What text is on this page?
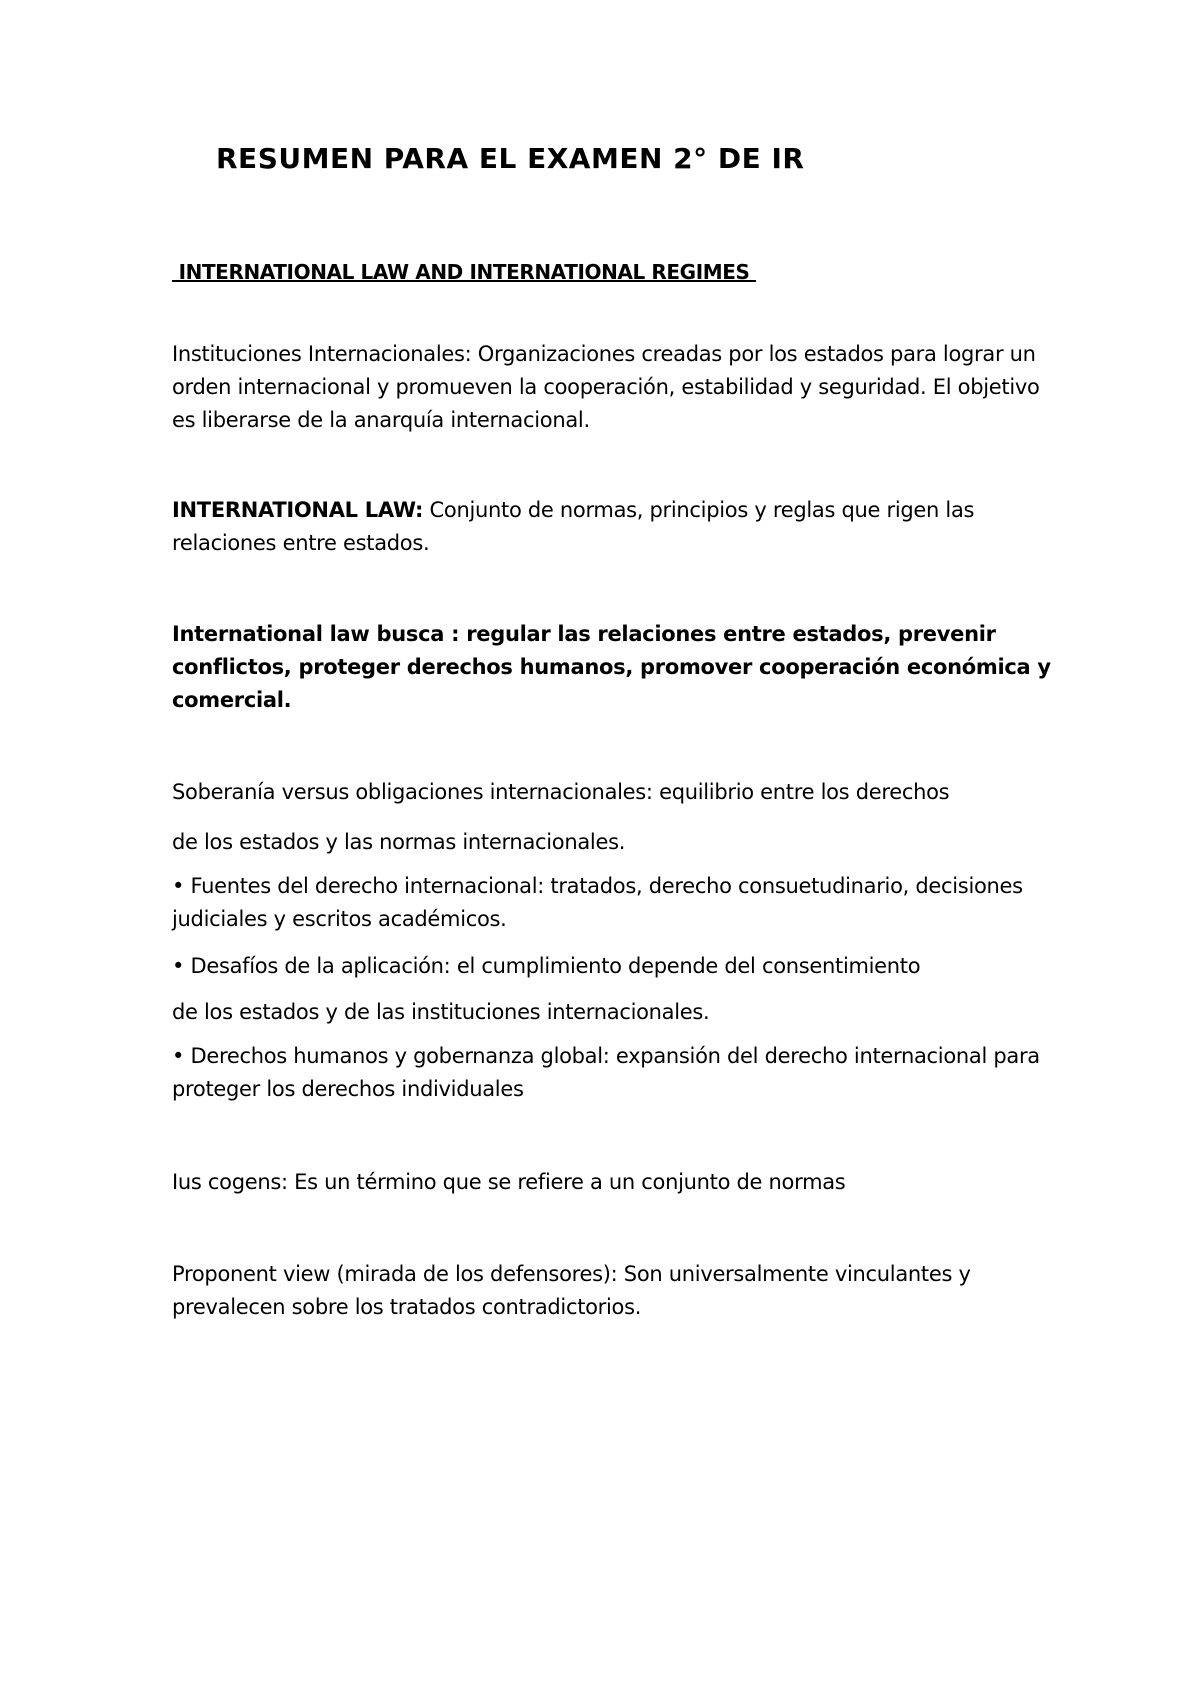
RESUMEN PARA EL EXAMEN 2° DE IR
INTERNATIONAL LAW AND INTERNATIONAL REGIMES
Instituciones Internacionales: Organizaciones creadas por los estados para lograr un orden internacional y promueven la cooperación, estabilidad y seguridad. El objetivo es liberarse de la anarquía internacional.
INTERNATIONAL LAW: Conjunto de normas, principios y reglas que rigen las relaciones entre estados.
International law busca : regular las relaciones entre estados, prevenir conflictos, proteger derechos humanos, promover cooperación económica y comercial.
Soberanía versus obligaciones internacionales: equilibrio entre los derechos
de los estados y las normas internacionales.
• Fuentes del derecho internacional: tratados, derecho consuetudinario, decisiones judiciales y escritos académicos.
• Desafíos de la aplicación: el cumplimiento depende del consentimiento
de los estados y de las instituciones internacionales.
• Derechos humanos y gobernanza global: expansión del derecho internacional para proteger los derechos individuales
Ius cogens: Es un término que se refiere a un conjunto de normas
Proponent view (mirada de los defensores): Son universalmente vinculantes y prevalecen sobre los tratados contradictorios.
